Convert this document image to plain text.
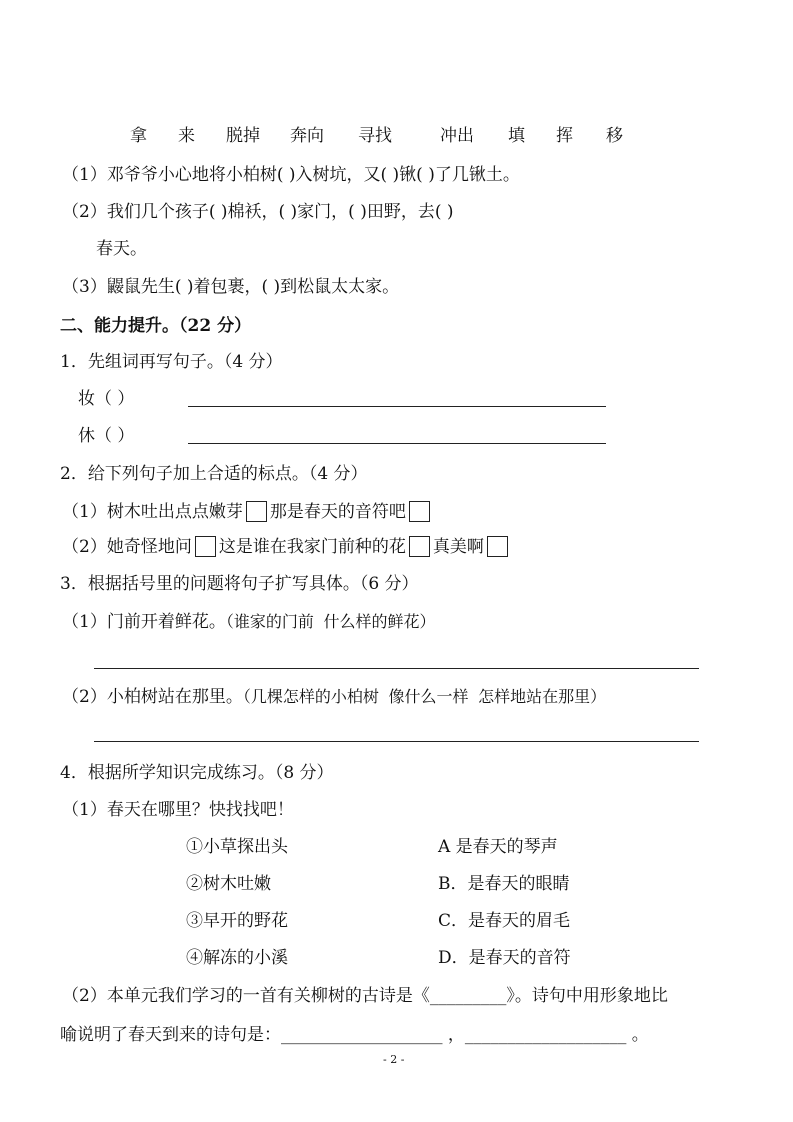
拿 来 脱掉 奔向 寻找	冲出 填 挥 移
（1）邓爷爷小心地将小柏树( )入树坑，又( )锹( )了几锹土。
（2）我们几个孩子( )棉袄，( )家门，( )田野，去( )
春天。
（3）鼹鼠先生( )着包裹，( )到松鼠太太家。
二、能力提升。（22 分）
1．先组词再写句子。（4 分）
妆（ ）
休（ ）
2．给下列句子加上合适的标点。（4 分）
（1）树木吐出点点嫩芽 那是春天的音符吧
（2）她奇怪地问 这是谁在我家门前种的花 真美啊
3．根据括号里的问题将句子扩写具体。（6 分）
（1）门前开着鲜花。（谁家的门前 什么样的鲜花）
（2）小柏树站在那里。（几棵怎样的小柏树 像什么一样 怎样地站在那里）
4．根据所学知识完成练习。（8 分）
（1）春天在哪里？快找找吧！
①小草探出头	A 是春天的琴声
②树木吐嫩	B．是春天的眼睛
③早开的野花	C．是春天的眉毛
④解冻的小溪	D．是春天的音符
（2）本单元我们学习的一首有关柳树的古诗是《_________》。诗句中用形象地比
喻说明了春天到来的诗句是：___________________ ，___________________ 。
- 2 -
